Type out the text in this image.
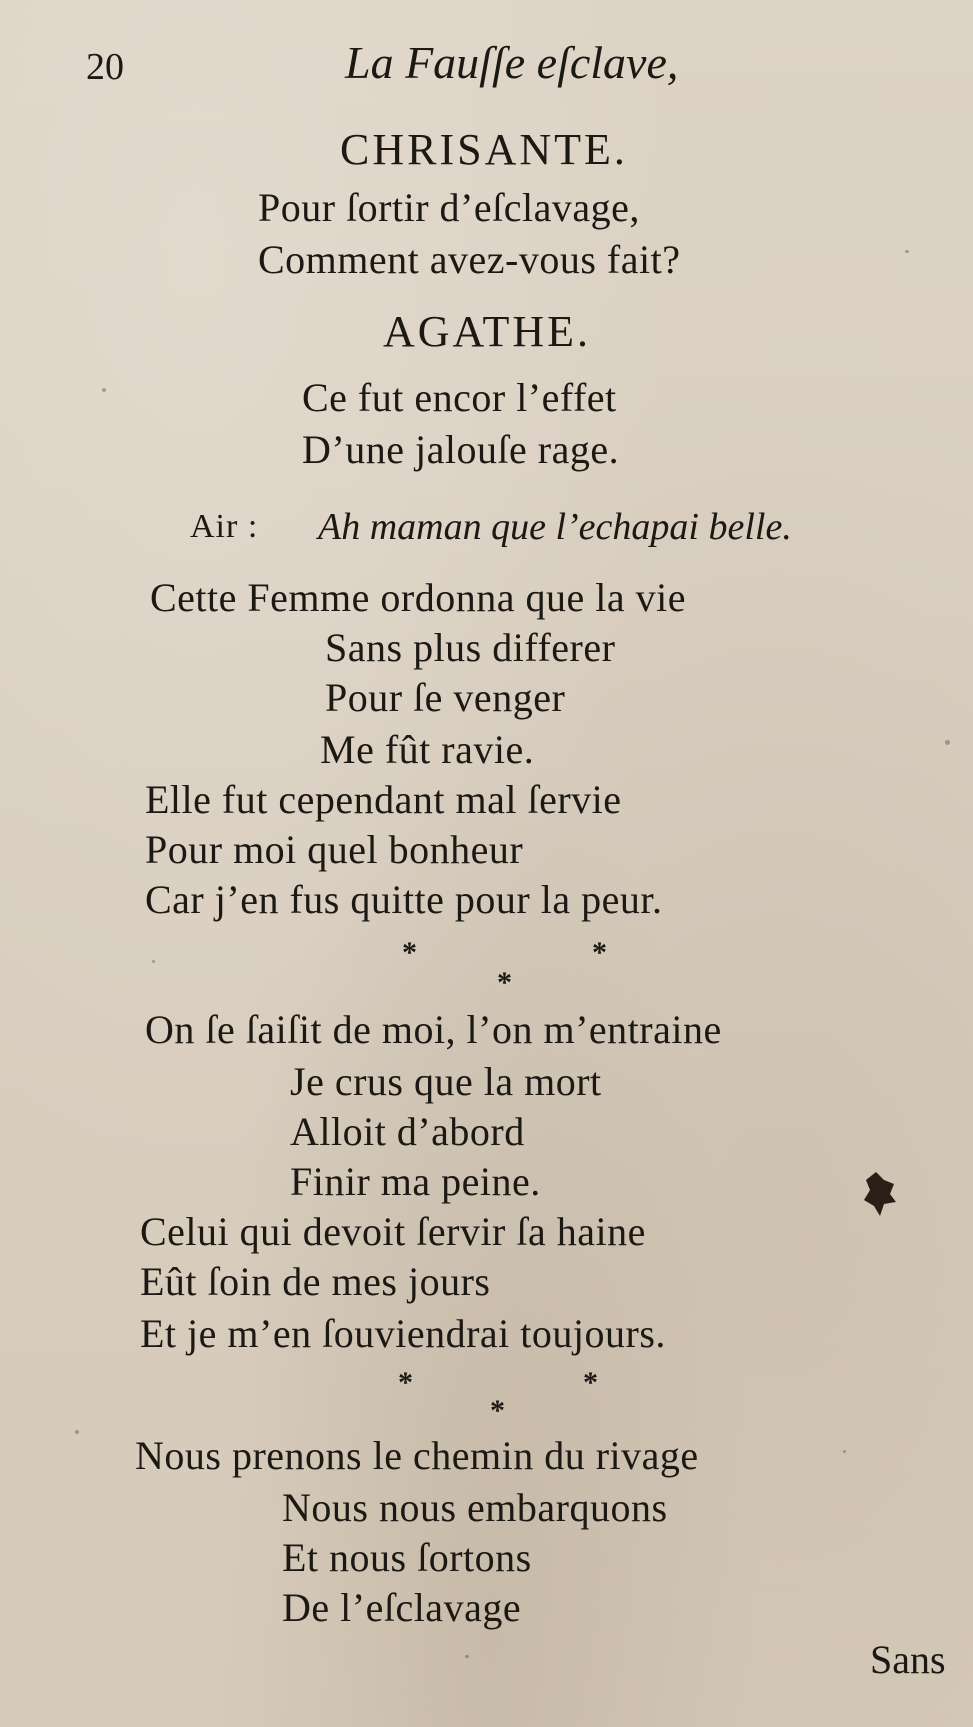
20	La Fauſſe eſclave,
CHRISANTE.
Pour ſortir d’eſclavage,
Comment avez-vous fait?
AGATHE.
Ce fut encor l’effet
D’une jalouſe rage.
Air : Ah maman que l’echapai belle.
Cette Femme ordonna que la vie
Sans plus differer
Pour ſe venger
Me fût ravie.
Elle fut cependant mal ſervie
Pour moi quel bonheur
Car j’en fus quitte pour la peur.
*	*
*
On ſe ſaiſit de moi, l’on m’entraine
Je crus que la mort
Alloit d’abord
Finir ma peine.
Celui qui devoit ſervir ſa haine
Eût ſoin de mes jours
Et je m’en ſouviendrai toujours.
*	*
*
Nous prenons le chemin du rivage
Nous nous embarquons
Et nous ſortons
De l’eſclavage
Sans
